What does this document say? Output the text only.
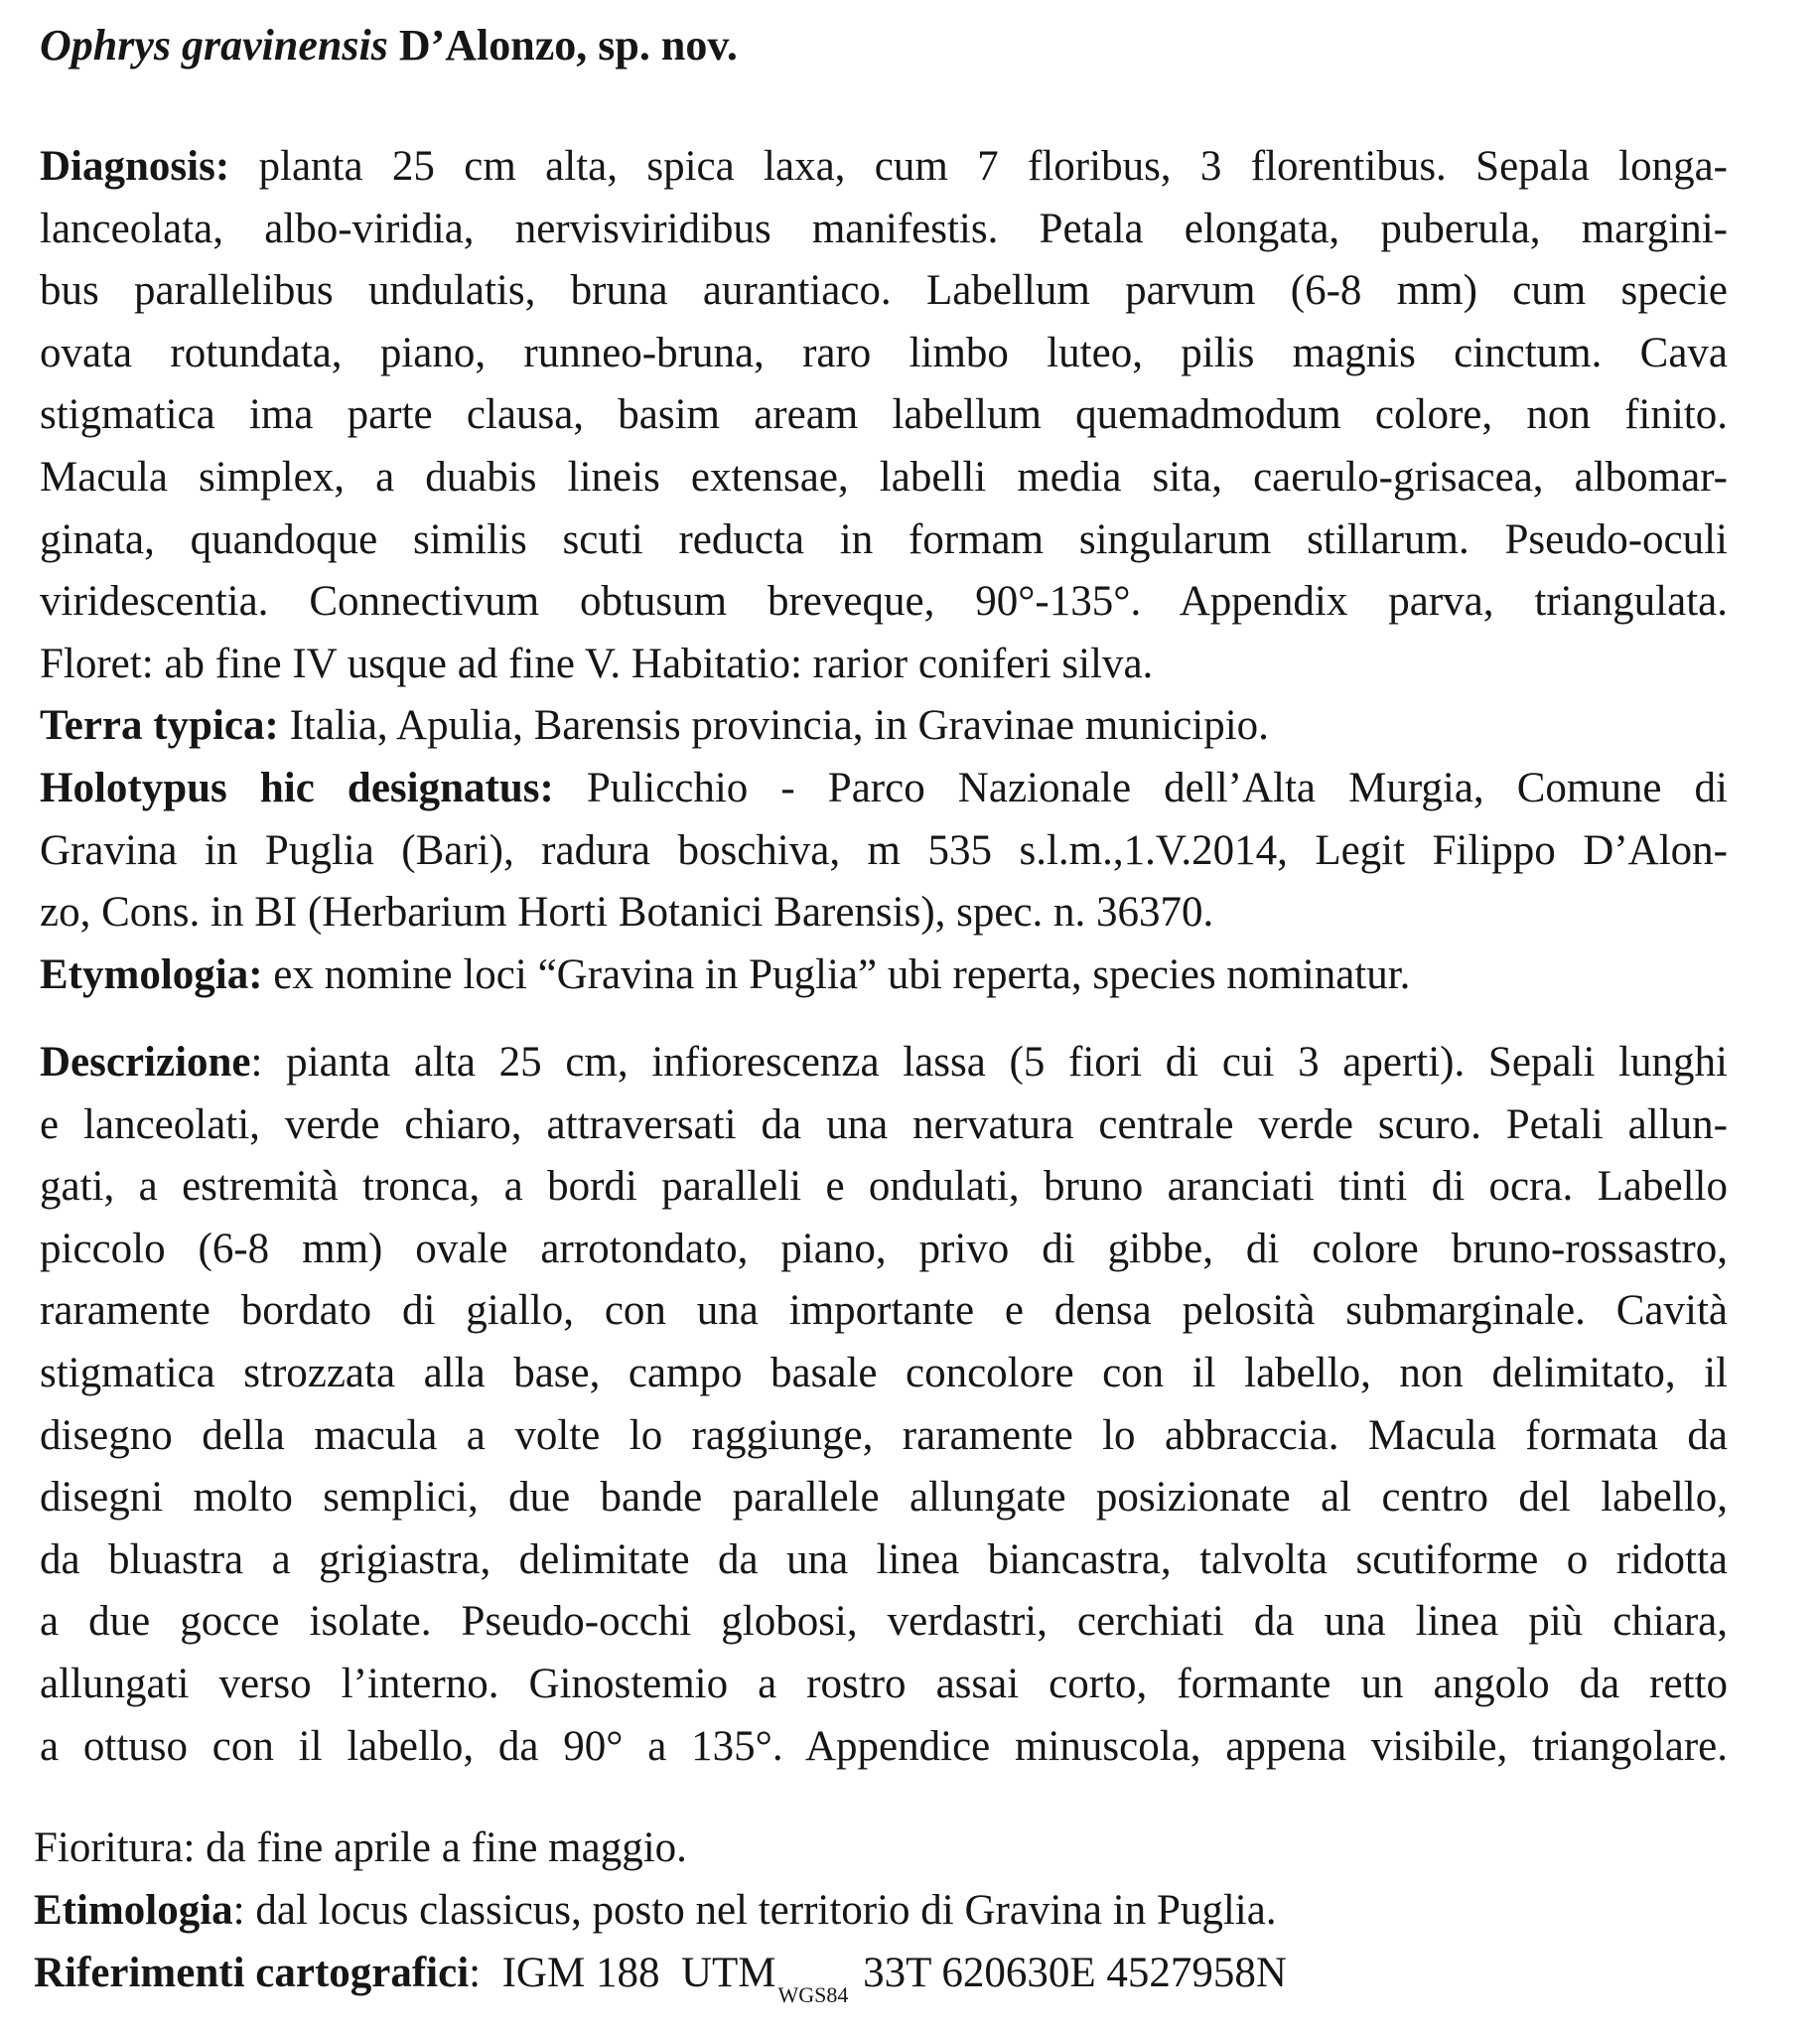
Ophrys gravinensis D’Alonzo, sp. nov.
Diagnosis: planta 25 cm alta, spica laxa, cum 7 floribus, 3 florentibus. Sepala longa-
lanceolata, albo-viridia, nervisviridibus manifestis. Petala elongata, puberula, margini-
bus parallelibus undulatis, bruna aurantiaco. Labellum parvum (6-8 mm) cum specie
ovata rotundata, piano, runneo-bruna, raro limbo luteo, pilis magnis cinctum. Cava
stigmatica ima parte clausa, basim aream labellum quemadmodum colore, non finito.
Macula simplex, a duabis lineis extensae, labelli media sita, caerulo-grisacea, albomar-
ginata, quandoque similis scuti reducta in formam singularum stillarum. Pseudo-oculi
viridescentia. Connectivum obtusum breveque, 90°-135°. Appendix parva, triangulata.
Floret: ab fine IV usque ad fine V. Habitatio: rarior coniferi silva.
Terra typica: Italia, Apulia, Barensis provincia, in Gravinae municipio.
Holotypus hic designatus: Pulicchio - Parco Nazionale dell’Alta Murgia, Comune di
Gravina in Puglia (Bari), radura boschiva, m 535 s.l.m.,1.V.2014, Legit Filippo D’Alon-
zo, Cons. in BI (Herbarium Horti Botanici Barensis), spec. n. 36370.
Etymologia: ex nomine loci “Gravina in Puglia” ubi reperta, species nominatur.
Descrizione: pianta alta 25 cm, infiorescenza lassa (5 fiori di cui 3 aperti). Sepali lunghi
e lanceolati, verde chiaro, attraversati da una nervatura centrale verde scuro. Petali allun-
gati, a estremità tronca, a bordi paralleli e ondulati, bruno aranciati tinti di ocra. Labello
piccolo (6-8 mm) ovale arrotondato, piano, privo di gibbe, di colore bruno-rossastro,
raramente bordato di giallo, con una importante e densa pelosità submarginale. Cavità
stigmatica strozzata alla base, campo basale concolore con il labello, non delimitato, il
disegno della macula a volte lo raggiunge, raramente lo abbraccia. Macula formata da
disegni molto semplici, due bande parallele allungate posizionate al centro del labello,
da bluastra a grigiastra, delimitate da una linea biancastra, talvolta scutiforme o ridotta
a due gocce isolate. Pseudo-occhi globosi, verdastri, cerchiati da una linea più chiara,
allungati verso l’interno. Ginostemio a rostro assai corto, formante un angolo da retto
a ottuso con il labello, da 90° a 135°. Appendice minuscola, appena visibile, triangolare.
Fioritura: da fine aprile a fine maggio.
Etimologia: dal locus classicus, posto nel territorio di Gravina in Puglia.
Riferimenti cartografici:  IGM 188  $UTM_{WGS84}$ 33T 620630E 4527958N
